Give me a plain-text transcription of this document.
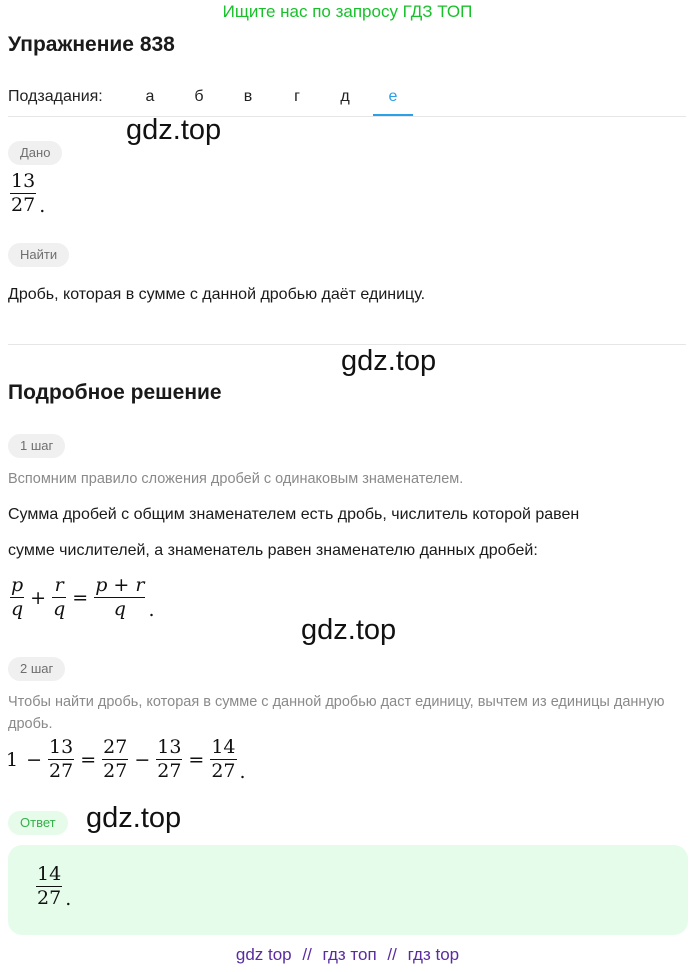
Ищите нас по запросу ГДЗ ТОП
Упражнение 838
Подзадания:	а	б	в	г	д	е
gdz.top
Дано
$\frac{13}{27}$ .
Найти
Дробь, которая в сумме с данной дробью даёт единицу.
gdz.top
Подробное решение
1 шаг
Вспомним правило сложения дробей с одинаковым знаменателем.
Сумма дробей с общим знаменателем есть дробь, числитель которой равен
сумме числителей, а знаменатель равен знаменателю данных дробей:
$\frac{p}{q} + \frac{r}{q} = \frac{p + r}{q}$ .
gdz.top
2 шаг
Чтобы найти дробь, которая в сумме с данной дробью даст единицу, вычтем из единицы данную дробь.
$1 - \frac{13}{27} = \frac{27}{27} - \frac{13}{27} = \frac{14}{27}$ .
Ответ	gdz.top
$\frac{14}{27}$ .
gdz top // гдз топ // гдз top
